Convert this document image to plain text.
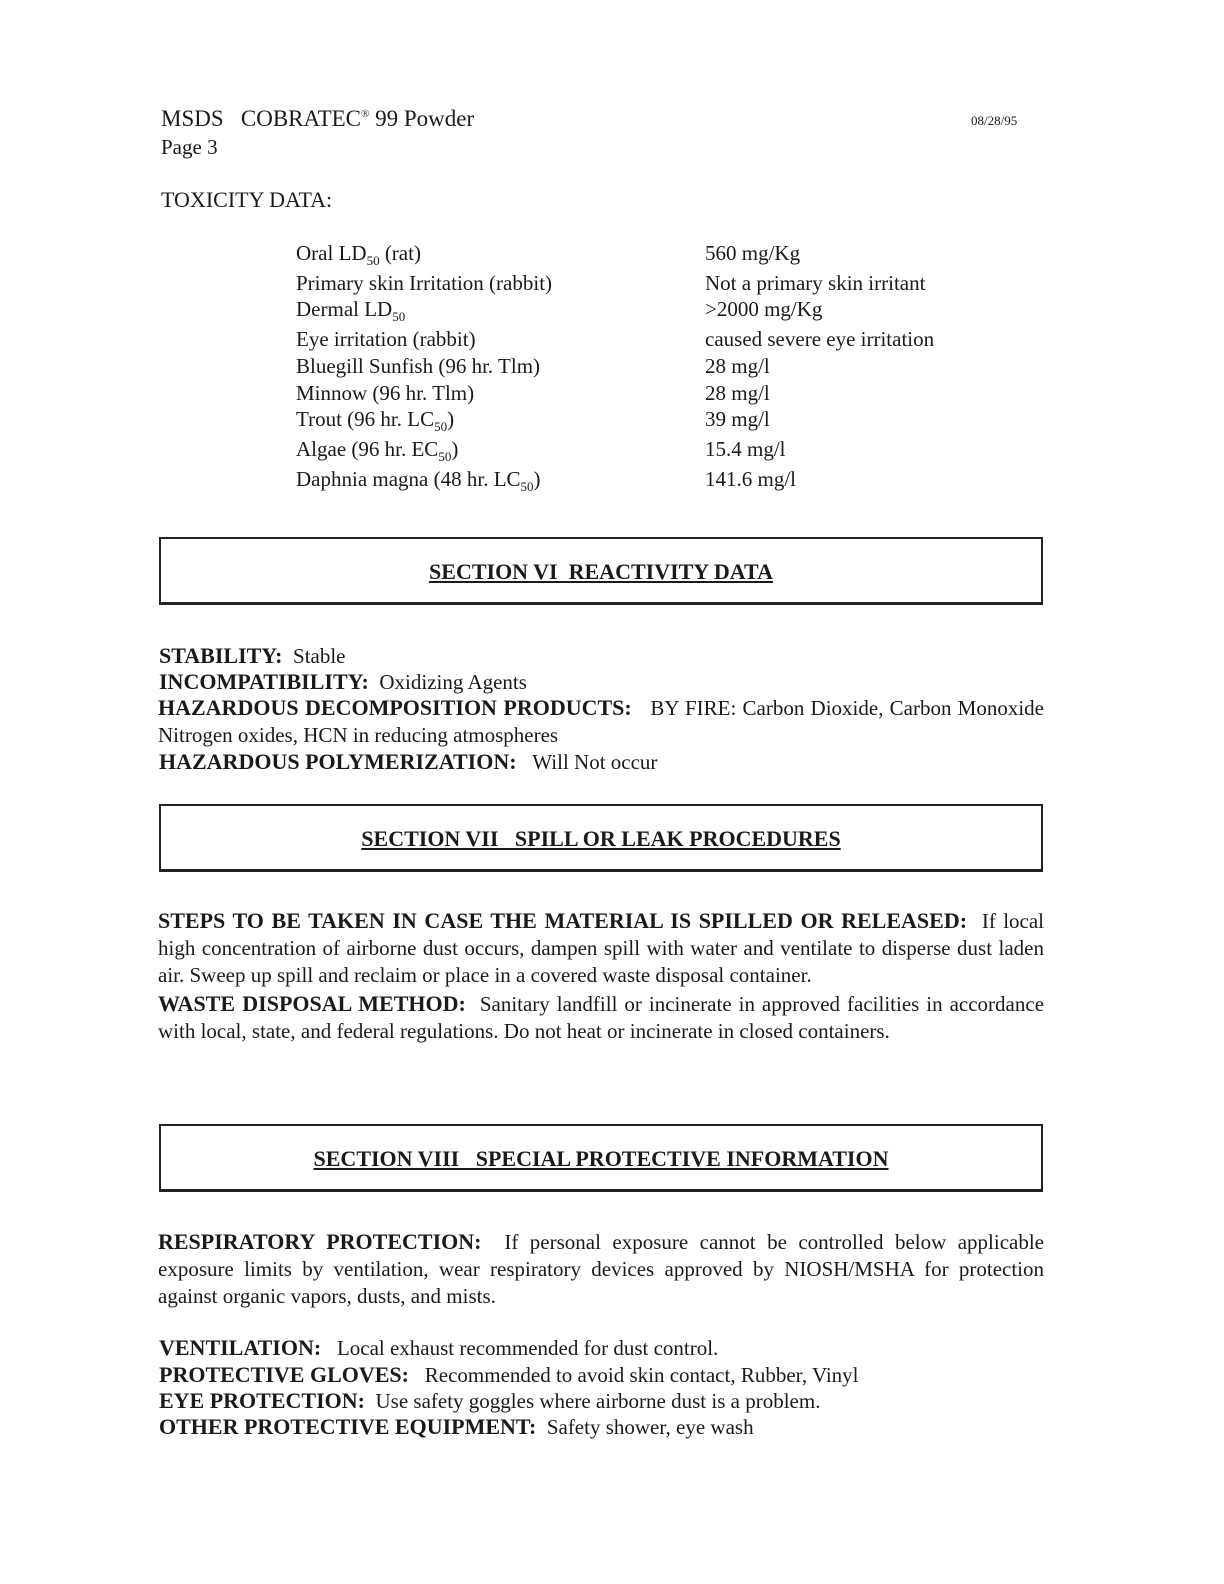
MSDS   COBRATEC® 99 Powder
Page 3
08/28/95
TOXICITY DATA:
Oral $LD_{50}$ (rat)	560 mg/Kg
Primary skin Irritation (rabbit)	Not a primary skin irritant
Dermal $LD_{50}$	>2000 mg/Kg
Eye irritation (rabbit)	caused severe eye irritation
Bluegill Sunfish (96 hr. Tlm)	28 mg/l
Minnow (96 hr. Tlm)	28 mg/l
Trout (96 hr. $LC_{50}$)	39 mg/l
Algae (96 hr. $EC_{50}$)	15.4 mg/l
Daphnia magna (48 hr. $LC_{50}$)	141.6 mg/l
SECTION VI  REACTIVITY DATA
STABILITY: Stable
INCOMPATIBILITY: Oxidizing Agents
HAZARDOUS DECOMPOSITION PRODUCTS: BY FIRE: Carbon Dioxide, Carbon Monoxide Nitrogen oxides, HCN in reducing atmospheres
HAZARDOUS POLYMERIZATION: Will Not occur
SECTION VII   SPILL OR LEAK PROCEDURES
STEPS TO BE TAKEN IN CASE THE MATERIAL IS SPILLED OR RELEASED: If local high concentration of airborne dust occurs, dampen spill with water and ventilate to disperse dust laden air. Sweep up spill and reclaim or place in a covered waste disposal container.
WASTE DISPOSAL METHOD: Sanitary landfill or incinerate in approved facilities in accordance with local, state, and federal regulations. Do not heat or incinerate in closed containers.
SECTION VIII   SPECIAL PROTECTIVE INFORMATION
RESPIRATORY PROTECTION: If personal exposure cannot be controlled below applicable exposure limits by ventilation, wear respiratory devices approved by NIOSH/MSHA for protection against organic vapors, dusts, and mists.
VENTILATION: Local exhaust recommended for dust control.
PROTECTIVE GLOVES: Recommended to avoid skin contact, Rubber, Vinyl
EYE PROTECTION: Use safety goggles where airborne dust is a problem.
OTHER PROTECTIVE EQUIPMENT: Safety shower, eye wash
